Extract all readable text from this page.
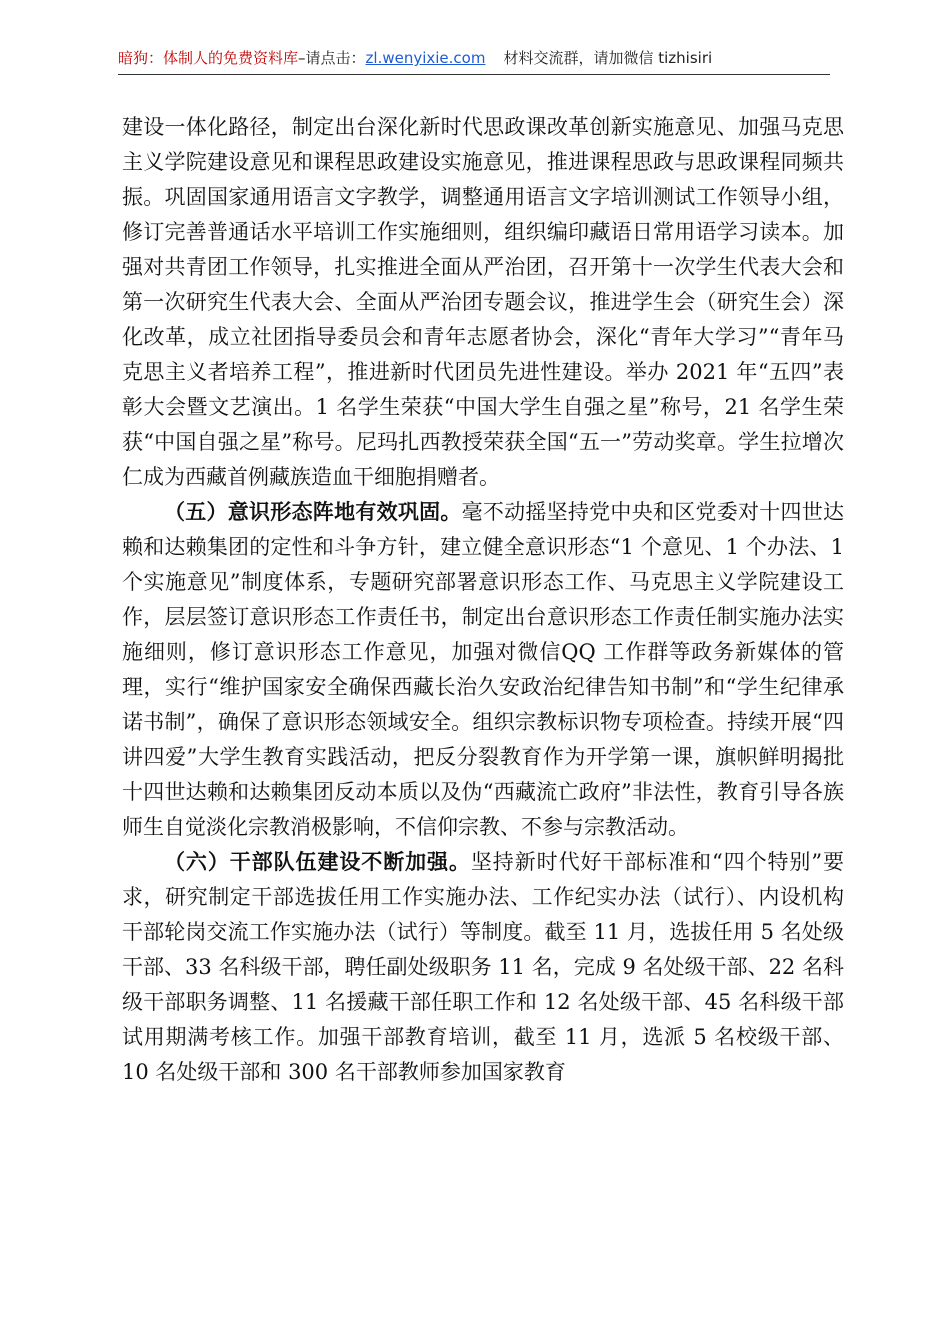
暗狗：体制人的免费资料库–请点击：zl.wenyixie.com 材料交流群，请加微信 tizhisiri

建设一体化路径，制定出台深化新时代思政课改革创新实施意见、加强马克思主义学院建设意见和课程思政建设实施意见，推进课程思政与思政课程同频共振。巩固国家通用语言文字教学，调整通用语言文字培训测试工作领导小组，修订完善普通话水平培训工作实施细则，组织编印藏语日常用语学习读本。加强对共青团工作领导，扎实推进全面从严治团，召开第十一次学生代表大会和第一次研究生代表大会、全面从严治团专题会议，推进学生会（研究生会）深化改革，成立社团指导委员会和青年志愿者协会，深化“青年大学习”“青年马克思主义者培养工程”，推进新时代团员先进性建设。举办 2021 年“五四”表彰大会暨文艺演出。1 名学生荣获“中国大学生自强之星”称号，21 名学生荣获“中国自强之星”称号。尼玛扎西教授荣获全国“五一”劳动奖章。学生拉增次仁成为西藏首例藏族造血干细胞捐赠者。

（五）意识形态阵地有效巩固。毫不动摇坚持党中央和区党委对十四世达赖和达赖集团的定性和斗争方针，建立健全意识形态“1 个意见、1 个办法、1 个实施意见”制度体系，专题研究部署意识形态工作、马克思主义学院建设工作，层层签订意识形态工作责任书，制定出台意识形态工作责任制实施办法实施细则，修订意识形态工作意见，加强对微信QQ 工作群等政务新媒体的管理，实行“维护国家安全确保西藏长治久安政治纪律告知书制”和“学生纪律承诺书制”，确保了意识形态领域安全。组织宗教标识物专项检查。持续开展“四讲四爱”大学生教育实践活动，把反分裂教育作为开学第一课，旗帜鲜明揭批十四世达赖和达赖集团反动本质以及伪“西藏流亡政府”非法性，教育引导各族师生自觉淡化宗教消极影响，不信仰宗教、不参与宗教活动。

（六）干部队伍建设不断加强。坚持新时代好干部标准和“四个特别”要求，研究制定干部选拔任用工作实施办法、工作纪实办法（试行）、内设机构干部轮岗交流工作实施办法（试行）等制度。截至 11 月，选拔任用 5 名处级干部、33 名科级干部，聘任副处级职务 11 名，完成 9 名处级干部、22 名科级干部职务调整、11 名援藏干部任职工作和 12 名处级干部、45 名科级干部试用期满考核工作。加强干部教育培训，截至 11 月，选派 5 名校级干部、10 名处级干部和 300 名干部教师参加国家教育
